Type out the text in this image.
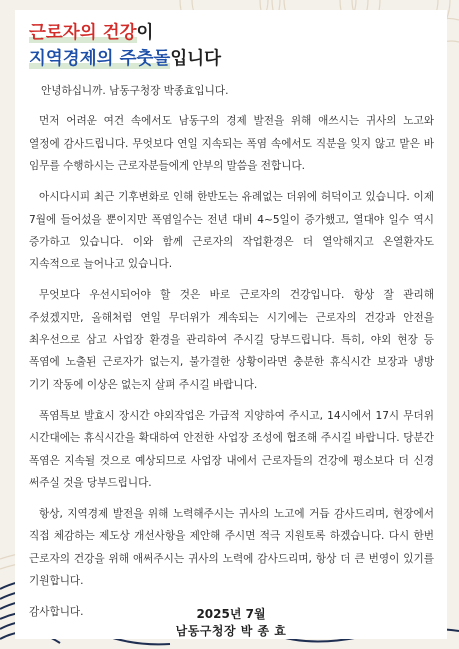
근로자의 건강이
지역경제의 주춧돌입니다

안녕하십니까. 남동구청장 박종효입니다.

먼저 어려운 여건 속에서도 남동구의 경제 발전을 위해 애쓰시는 귀사의 노고와 열정에 감사드립니다. 무엇보다 연일 지속되는 폭염 속에서도 직분을 잊지 않고 맡은 바 임무를 수행하시는 근로자분들에게 안부의 말씀을 전합니다.

아시다시피 최근 기후변화로 인해 한반도는 유례없는 더위에 허덕이고 있습니다. 이제 7월에 들어섰을 뿐이지만 폭염일수는 전년 대비 4~5일이 증가했고, 열대야 일수 역시 증가하고 있습니다. 이와 함께 근로자의 작업환경은 더 열악해지고 온열환자도 지속적으로 늘어나고 있습니다.

무엇보다 우선시되어야 할 것은 바로 근로자의 건강입니다. 항상 잘 관리해 주셨겠지만, 올해처럼 연일 무더위가 계속되는 시기에는 근로자의 건강과 안전을 최우선으로 삼고 사업장 환경을 관리하여 주시길 당부드립니다. 특히, 야외 현장 등 폭염에 노출된 근로자가 없는지, 불가결한 상황이라면 충분한 휴식시간 보장과 냉방 기기 작동에 이상은 없는지 살펴 주시길 바랍니다.

폭염특보 발효시 장시간 야외작업은 가급적 지양하여 주시고, 14시에서 17시 무더위 시간대에는 휴식시간을 확대하여 안전한 사업장 조성에 협조해 주시길 바랍니다. 당분간 폭염은 지속될 것으로 예상되므로 사업장 내에서 근로자들의 건강에 평소보다 더 신경 써주실 것을 당부드립니다.

항상, 지역경제 발전을 위해 노력해주시는 귀사의 노고에 거듭 감사드리며, 현장에서 직접 체감하는 제도상 개선사항을 제안해 주시면 적극 지원토록 하겠습니다. 다시 한번 근로자의 건강을 위해 애써주시는 귀사의 노력에 감사드리며, 항상 더 큰 번영이 있기를 기원합니다.

감사합니다.	2025년 7월
남동구청장 박 종 효
